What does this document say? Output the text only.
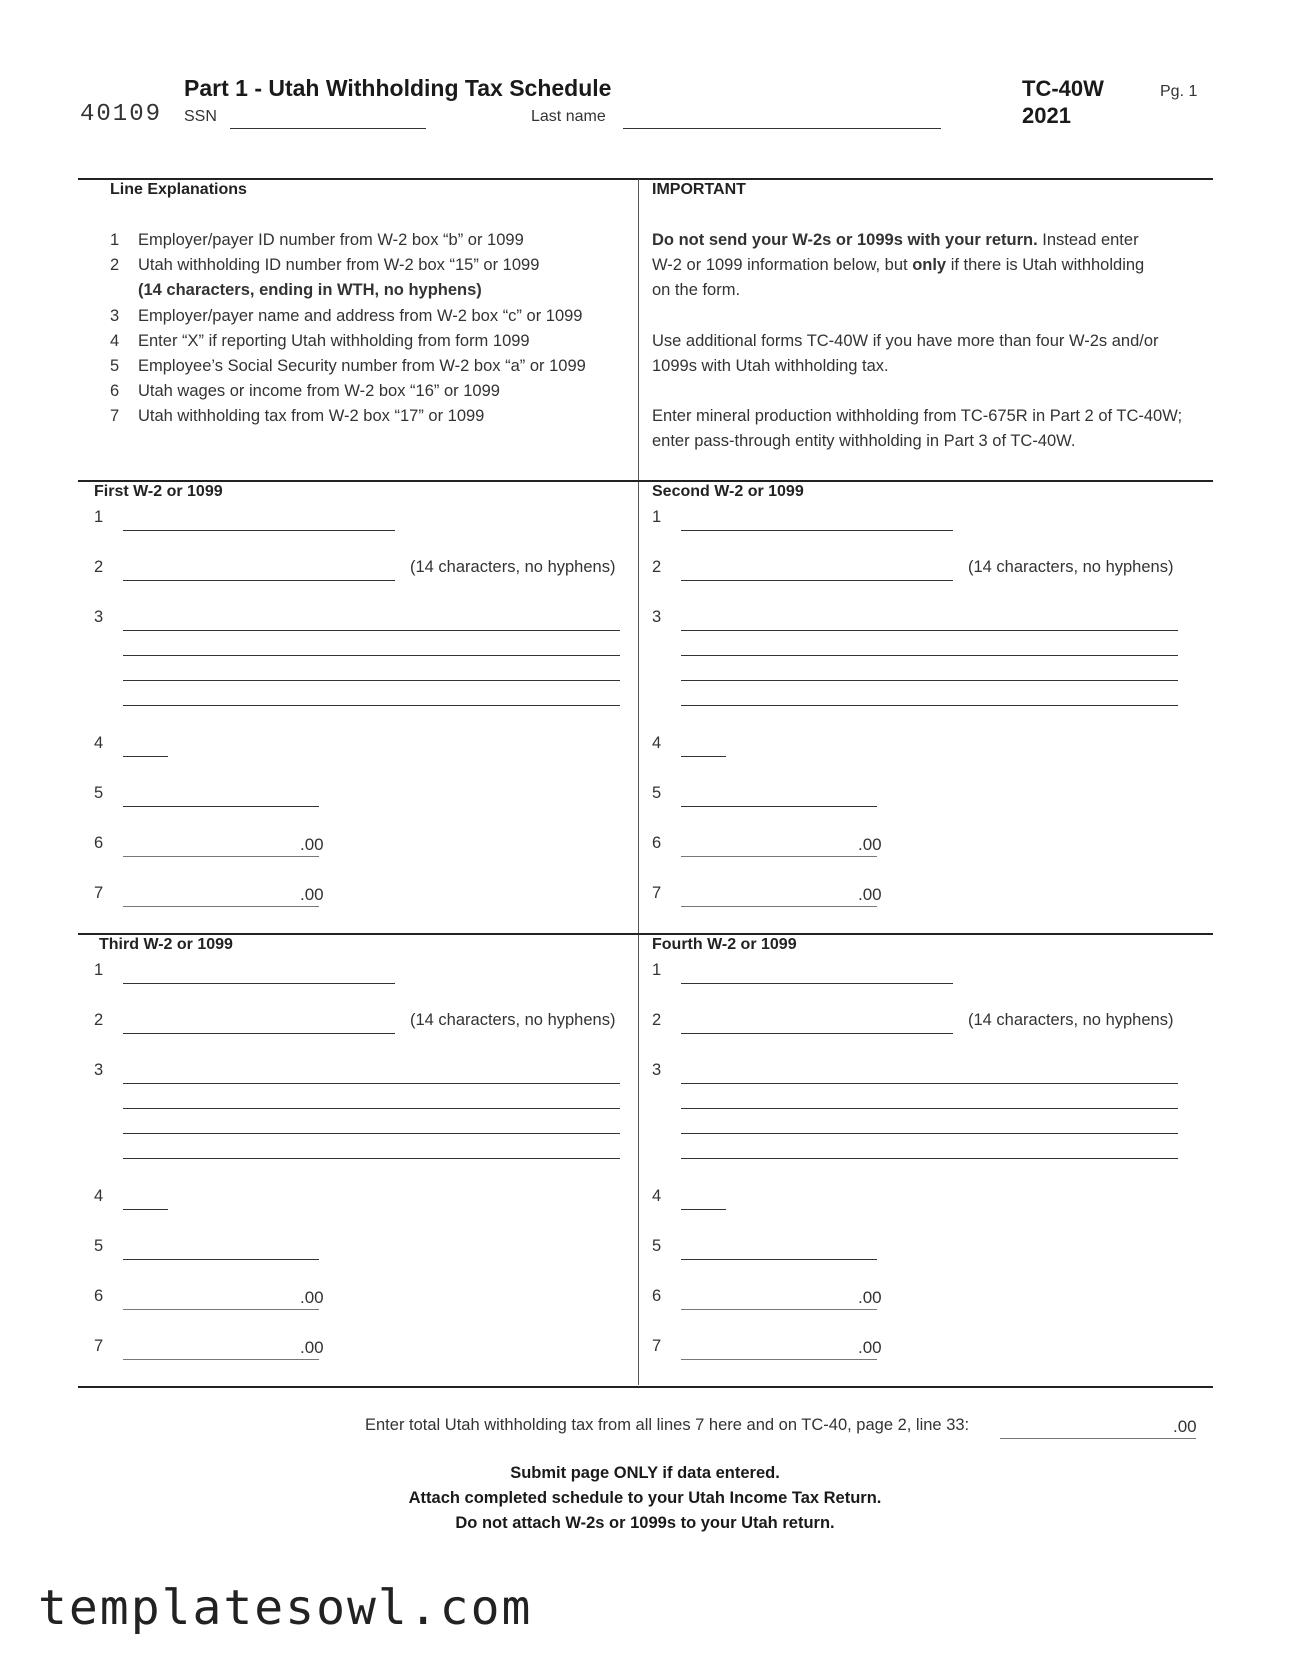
40109
Part 1 - Utah Withholding Tax Schedule
SSN	Last name
TC-40W
2021
Pg. 1
Line Explanations
1 Employer/payer ID number from W-2 box “b” or 1099
2 Utah withholding ID number from W-2 box “15” or 1099
(14 characters, ending in WTH, no hyphens)
3 Employer/payer name and address from W-2 box “c” or 1099
4 Enter “X” if reporting Utah withholding from form 1099
5 Employee’s Social Security number from W-2 box “a” or 1099
6 Utah wages or income from W-2 box “16” or 1099
7 Utah withholding tax from W-2 box “17” or 1099
IMPORTANT
Do not send your W-2s or 1099s with your return. Instead enter
W-2 or 1099 information below, but only if there is Utah withholding
on the form.
Use additional forms TC-40W if you have more than four W-2s and/or
1099s with Utah withholding tax.
Enter mineral production withholding from TC-675R in Part 2 of TC-40W;
enter pass-through entity withholding in Part 3 of TC-40W.
First W-2 or 1099
1
2	(14 characters, no hyphens)
3
4
5
6	.00
7	.00
Second W-2 or 1099
1
2	(14 characters, no hyphens)
3
4
5
6	.00
7	.00
Third W-2 or 1099
1
2	(14 characters, no hyphens)
3
4
5
6	.00
7	.00
Fourth W-2 or 1099
1
2	(14 characters, no hyphens)
3
4
5
6	.00
7	.00
Enter total Utah withholding tax from all lines 7 here and on TC-40, page 2, line 33:	.00
Submit page ONLY if data entered.
Attach completed schedule to your Utah Income Tax Return.
Do not attach W-2s or 1099s to your Utah return.
templatesowl.com
